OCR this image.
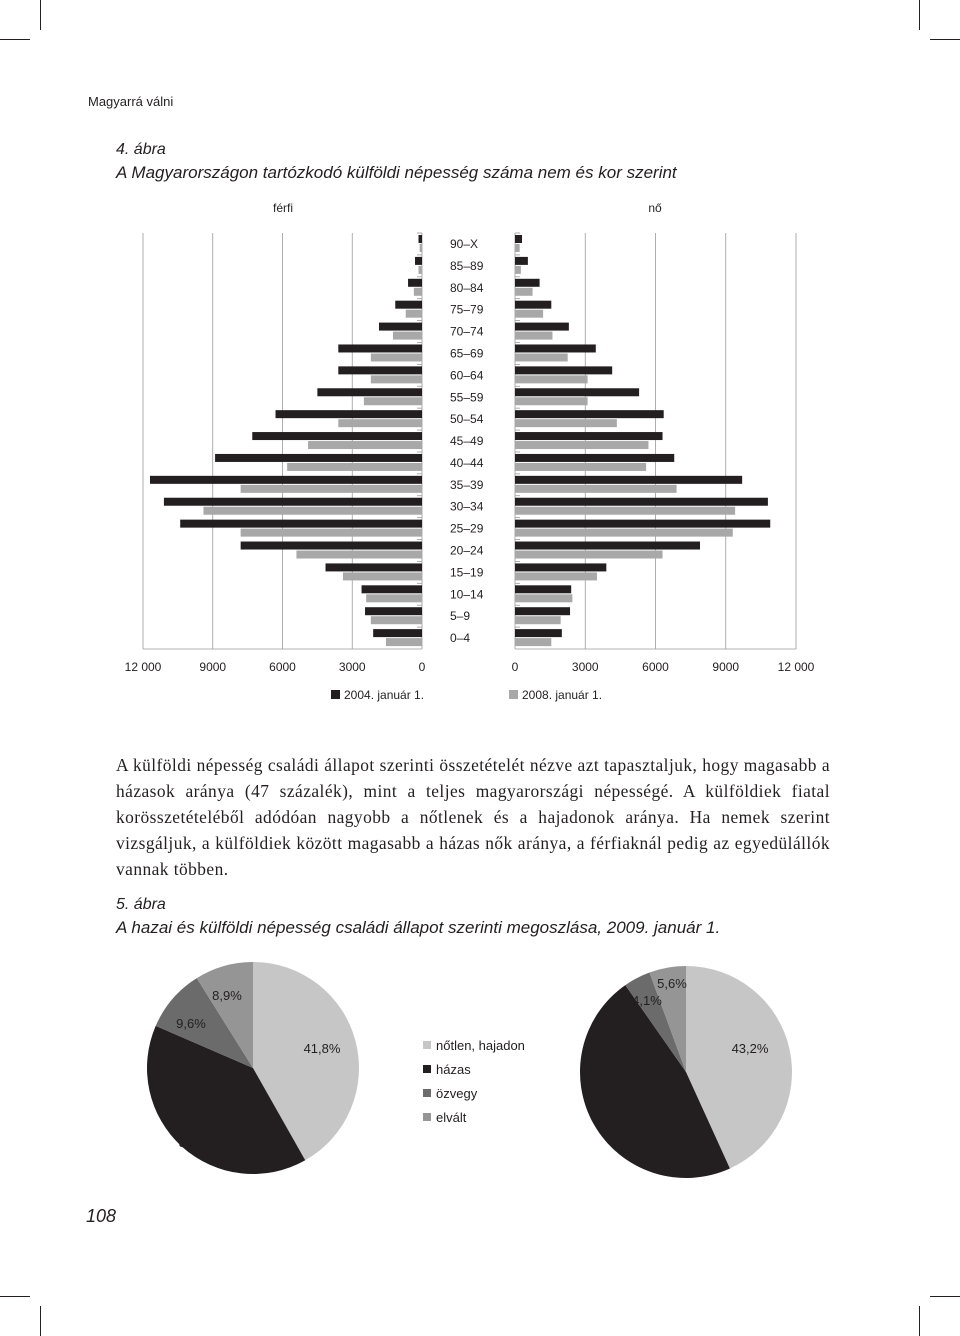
Magyarrá válni
4. ábra
A Magyarországon tartózkodó külföldi népesség száma nem és kor szerint
férfi	nő
0–4
5–9
10–14
15–19
20–24
25–29
30–34
35–39
40–44
45–49
50–54
55–59
60–64
65–69
70–74
75–79
80–84
85–89
90–X
12 000	9000	6000	3000	0	0	3000	6000	9000	12 000
2004. január 1.	2008. január 1.

A külföldi népesség családi állapot szerinti összetételét nézve azt tapasztaljuk, hogy magasabb a házasok aránya (47 százalék), mint a teljes magyarországi népességé. A külföldiek fiatal korösszetételéből adódóan nagyobb a nőtlenek és a hajadonok aránya. Ha nemek szerint vizsgáljuk, a külföldiek között magasabb a házas nők aránya, a férfiaknál pedig az egyedülállók vannak többen.

5. ábra
A hazai és külföldi népesség családi állapot szerinti megoszlása, 2009. január 1.
41,8%
39,7%
9,6%
8,9%
43,2%
47,1
4,1%
5,6%
nőtlen, hajadon
házas
özvegy
elvált
108
